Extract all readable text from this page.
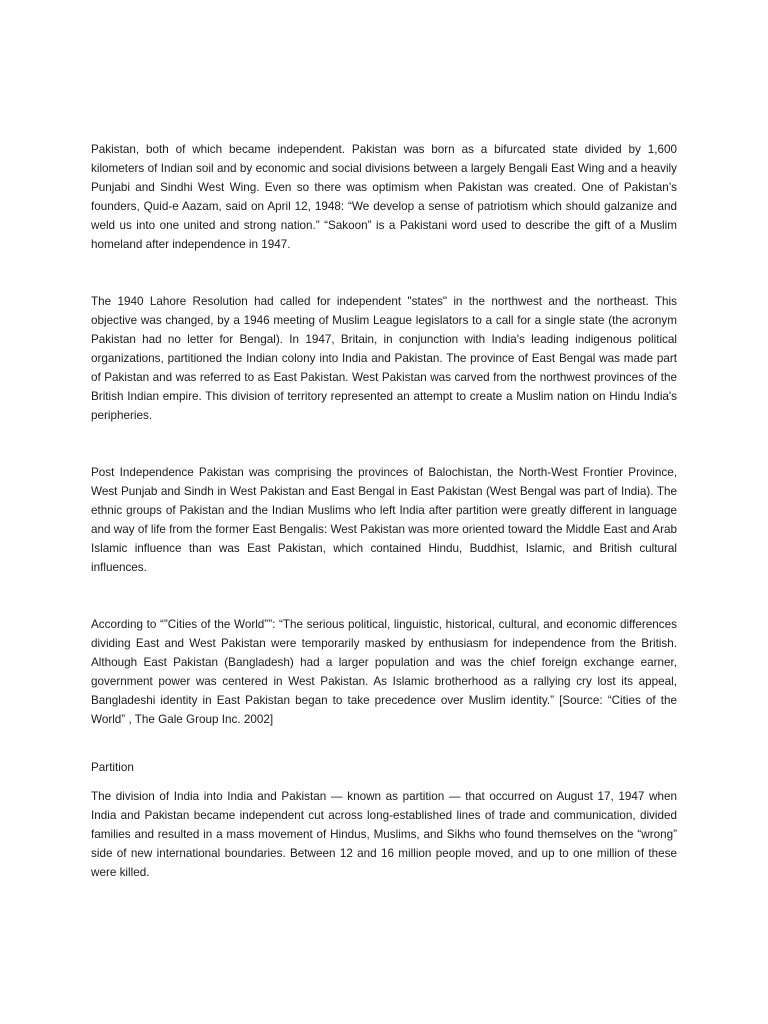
Pakistan, both of which became independent. Pakistan was born as a bifurcated state divided by 1,600 kilometers of Indian soil and by economic and social divisions between a largely Bengali East Wing and a heavily Punjabi and Sindhi West Wing. Even so there was optimism when Pakistan was created. One of Pakistan’s founders, Quid-e Aazam, said on April 12, 1948: “We develop a sense of patriotism which should galzanize and weld us into one united and strong nation.” “Sakoon” is a Pakistani word used to describe the gift of a Muslim homeland after independence in 1947.

The 1940 Lahore Resolution had called for independent "states" in the northwest and the northeast. This objective was changed, by a 1946 meeting of Muslim League legislators to a call for a single state (the acronym Pakistan had no letter for Bengal). In 1947, Britain, in conjunction with India's leading indigenous political organizations, partitioned the Indian colony into India and Pakistan. The province of East Bengal was made part of Pakistan and was referred to as East Pakistan. West Pakistan was carved from the northwest provinces of the British Indian empire. This division of territory represented an attempt to create a Muslim nation on Hindu India's peripheries.

Post Independence Pakistan was comprising the provinces of Balochistan, the North-West Frontier Province, West Punjab and Sindh in West Pakistan and East Bengal in East Pakistan (West Bengal was part of India). The ethnic groups of Pakistan and the Indian Muslims who left India after partition were greatly different in language and way of life from the former East Bengalis: West Pakistan was more oriented toward the Middle East and Arab Islamic influence than was East Pakistan, which contained Hindu, Buddhist, Islamic, and British cultural influences.

According to “”Cities of the World””: “The serious political, linguistic, historical, cultural, and economic differences dividing East and West Pakistan were temporarily masked by enthusiasm for independence from the British. Although East Pakistan (Bangladesh) had a larger population and was the chief foreign exchange earner, government power was centered in West Pakistan. As Islamic brotherhood as a rallying cry lost its appeal, Bangladeshi identity in East Pakistan began to take precedence over Muslim identity.” [Source: “Cities of the World” , The Gale Group Inc. 2002]

Partition

The division of India into India and Pakistan — known as partition — that occurred on August 17, 1947 when India and Pakistan became independent cut across long-established lines of trade and communication, divided families and resulted in a mass movement of Hindus, Muslims, and Sikhs who found themselves on the “wrong” side of new international boundaries. Between 12 and 16 million people moved, and up to one million of these were killed.
